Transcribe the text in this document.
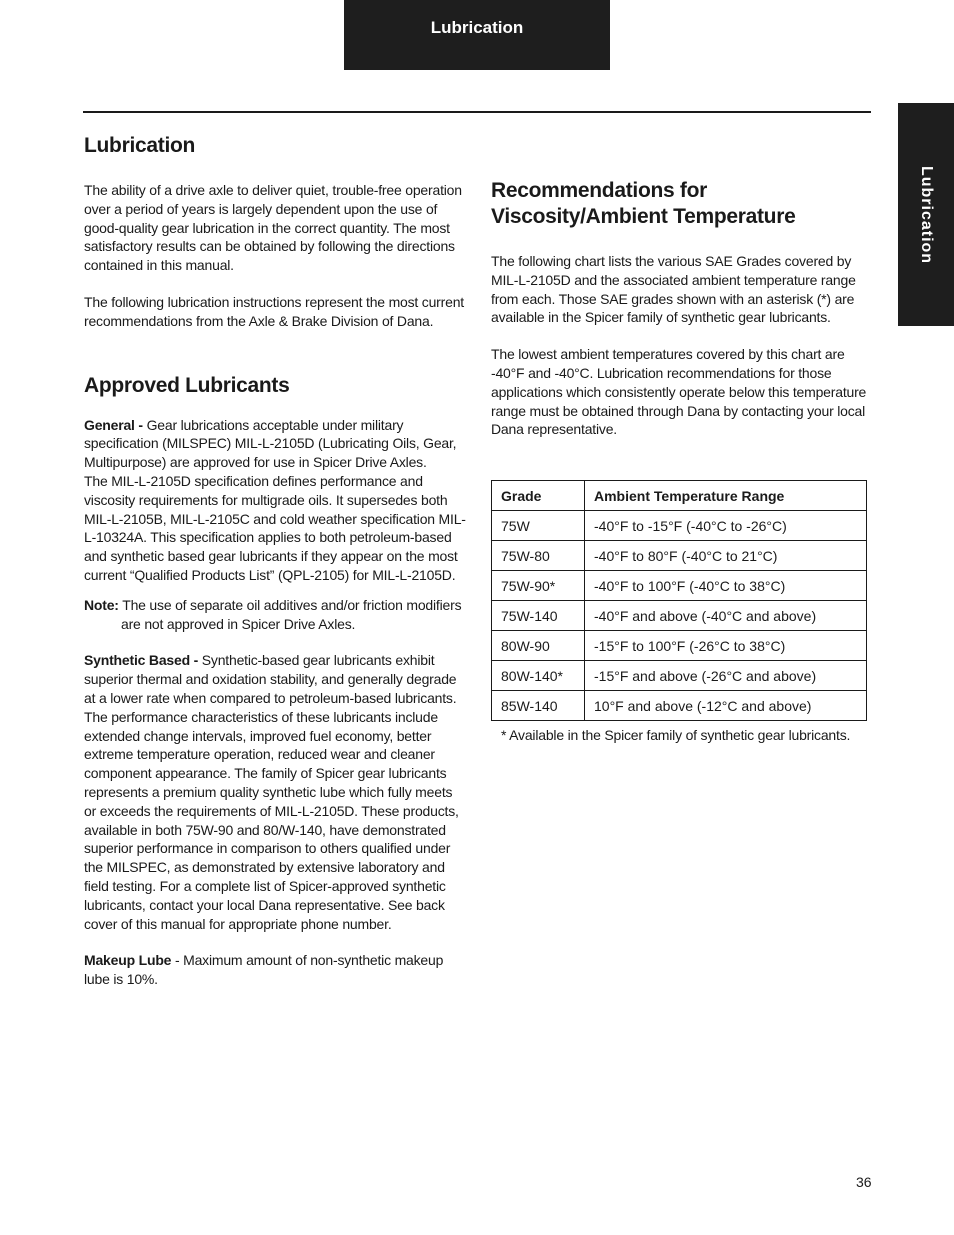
Lubrication
Lubrication
Lubrication

The ability of a drive axle to deliver quiet, trouble-free operation over a period of years is largely dependent upon the use of good-quality gear lubrication in the correct quantity. The most satisfactory results can be obtained by following the directions contained in this manual.

The following lubrication instructions represent the most current recommendations from the Axle & Brake Division of Dana.

Approved Lubricants

General - Gear lubrications acceptable under military specification (MILSPEC) MIL-L-2105D (Lubricating Oils, Gear, Multipurpose) are approved for use in Spicer Drive Axles.

The MIL-L-2105D specification defines performance and viscosity requirements for multigrade oils. It supersedes both MIL-L-2105B, MIL-L-2105C and cold weather specification MIL-L-10324A. This specification applies to both petroleum-based and synthetic based gear lubricants if they appear on the most current “Qualified Products List” (QPL-2105) for MIL-L-2105D.

Note: The use of separate oil additives and/or friction modifiers are not approved in Spicer Drive Axles.

Synthetic Based - Synthetic-based gear lubricants exhibit superior thermal and oxidation stability, and generally degrade at a lower rate when compared to petroleum-based lubricants. The performance characteristics of these lubricants include extended change intervals, improved fuel economy, better extreme temperature operation, reduced wear and cleaner component appearance. The family of Spicer gear lubricants represents a premium quality synthetic lube which fully meets or exceeds the requirements of MIL-L-2105D. These products, available in both 75W-90 and 80/W-140, have demonstrated superior performance in comparison to others qualified under the MILSPEC, as demonstrated by extensive laboratory and field testing. For a complete list of Spicer-approved synthetic lubricants, contact your local Dana representative. See back cover of this manual for appropriate phone number.

Makeup Lube - Maximum amount of non-synthetic makeup lube is 10%.

Recommendations for Viscosity/Ambient Temperature

The following chart lists the various SAE Grades covered by MIL-L-2105D and the associated ambient temperature range from each. Those SAE grades shown with an asterisk (*) are available in the Spicer family of synthetic gear lubricants.

The lowest ambient temperatures covered by this chart are -40°F and -40°C. Lubrication recommendations for those applications which consistently operate below this temperature range must be obtained through Dana by contacting your local Dana representative.

Grade	Ambient Temperature Range
75W	-40°F to -15°F (-40°C to -26°C)
75W-80	-40°F to 80°F (-40°C to 21°C)
75W-90*	-40°F to 100°F (-40°C to 38°C)
75W-140	-40°F and above (-40°C and above)
80W-90	-15°F to 100°F (-26°C to 38°C)
80W-140*	-15°F and above (-26°C and above)
85W-140	10°F and above (-12°C and above)

* Available in the Spicer family of synthetic gear lubricants.

36
